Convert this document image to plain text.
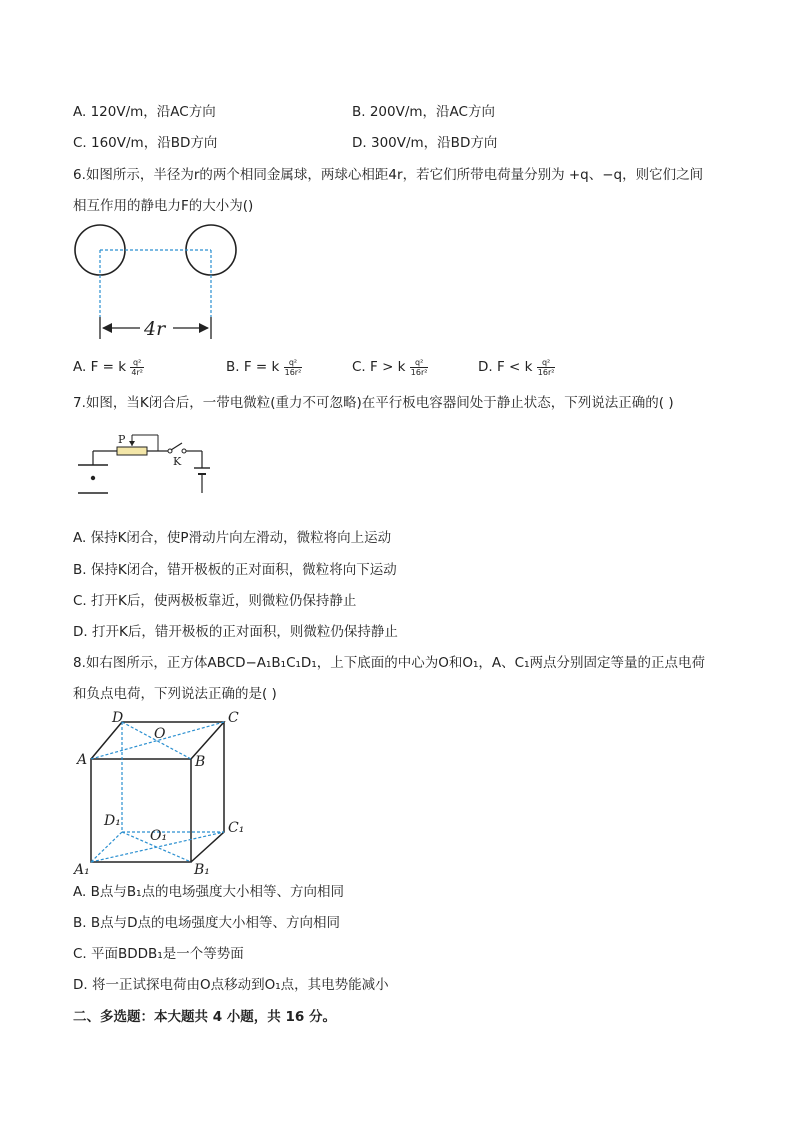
A. 120V/m，沿AC方向	B. 200V/m，沿AC方向
C. 160V/m，沿BD方向	D. 300V/m，沿BD方向
6.如图所示，半径为r的两个相同金属球，两球心相距4r，若它们所带电荷量分别为 +q、−q，则它们之间
相互作用的静电力F的大小为()
4r
A. F = k $\frac{\text{q²}}{\text{4r²}}$	B. F = k $\frac{\text{q²}}{\text{16r²}}$	C. F > k $\frac{\text{q²}}{\text{16r²}}$	D. F < k $\frac{\text{q²}}{\text{16r²}}$
7.如图，当K闭合后，一带电微粒(重力不可忽略)在平行板电容器间处于静止状态，下列说法正确的( )
P
K
A. 保持K闭合，使P滑动片向左滑动，微粒将向上运动
B. 保持K闭合，错开极板的正对面积，微粒将向下运动
C. 打开K后，使两极板靠近，则微粒仍保持静止
D. 打开K后，错开极板的正对面积，则微粒仍保持静止
8.如右图所示，正方体ABCD−A₁B₁C₁D₁，上下底面的中心为O和O₁，A、C₁两点分别固定等量的正点电荷
和负点电荷，下列说法正确的是( )
D	C
O
A	B
D₁	C₁
O₁
A₁	B₁
A. B点与B₁点的电场强度大小相等、方向相同
B. B点与D点的电场强度大小相等、方向相同
C. 平面BDDB₁是一个等势面
D. 将一正试探电荷由O点移动到O₁点，其电势能减小
二、多选题：本大题共 4 小题，共 16 分。
